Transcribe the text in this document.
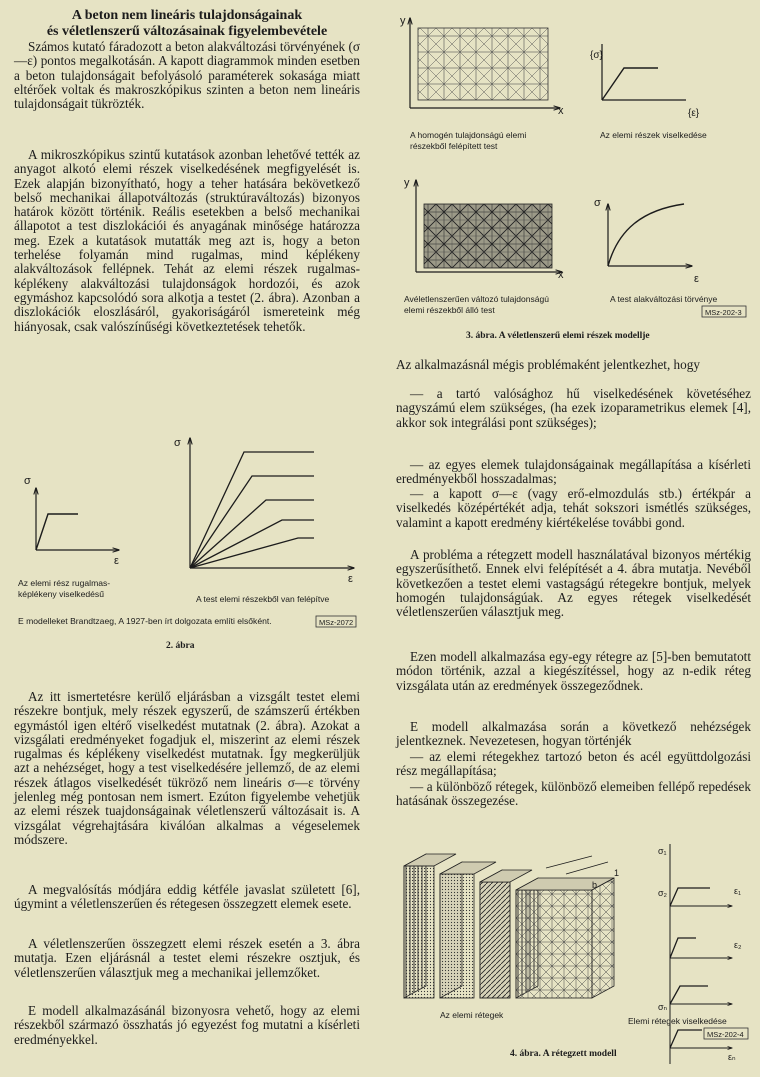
A beton nem lineáris tulajdonságainak
és véletlenszerű változásainak figyelembevétele

Számos kutató fáradozott a beton alakváltozási törvényének (σ—ε) pontos megalkotásán. A kapott diagrammok minden esetben a beton tulajdonságait befolyásoló paraméterek sokasága miatt eltérőek voltak és makroszkópikus szinten a beton nem lineáris tulajdonságait tükrözték.

A mikroszkópikus szintű kutatások azonban lehetővé tették az anyagot alkotó elemi részek viselkedésének megfigyelését is. Ezek alapján bizonyítható, hogy a teher hatására bekövetkező belső mechanikai állapotváltozás (struktúraváltozás) bizonyos határok között történik. Reális esetekben a belső mechanikai állapotot a test diszlokációi és anyagának minősége határozza meg. Ezek a kutatások mutatták meg azt is, hogy a beton terhelése folyamán mind rugalmas, mind képlékeny alakváltozások fellépnek. Tehát az elemi részek rugalmas-képlékeny alakváltozási tulajdonságok hordozói, és azok egymáshoz kapcsolódó sora alkotja a testet (2. ábra). Azonban a diszlokációk eloszlásáról, gyakoriságáról ismereteink még hiányosak, csak valószínűségi következtetések tehetők.

σ
ε
σ
ε
Az elemi rész rugalmas-
képlékeny viselkedésű	A test elemi részekből van felépítve
E modelleket Brandtzaeg, A 1927-ben írt dolgozata említi elsőként.	MSz-2072
2. ábra

Az itt ismertetésre kerülő eljárásban a vizsgált testet elemi részekre bontjuk, mely részek egyszerű, de számszerű értékben egymástól igen eltérő viselkedést mutatnak (2. ábra). Azokat a vizsgálati eredményeket fogadjuk el, miszerint az elemi részek rugalmas és képlékeny viselkedést mutatnak. Így megkerüljük azt a nehézséget, hogy a test viselkedésére jellemző, de az elemi részek átlagos viselkedését tükröző nem lineáris σ—ε törvény jelenleg még pontosan nem ismert. Ezúton figyelembe vehetjük az elemi részek tuajdonságainak véletlenszerű változásait is. A vizsgálat végrehajtására kiválóan alkalmas a végeselemek módszere.

A megvalósítás módjára eddig kétféle javaslat született [6], úgymint a véletlenszerűen és rétegesen összegzett elemek esete.

A véletlenszerűen összegzett elemi részek esetén a 3. ábra mutatja. Ezen eljárásnál a testet elemi részekre osztjuk, és véletlenszerűen választjuk meg a mechanikai jellemzőket.

E modell alkalmazásánál bizonyosra vehető, hogy az elemi részekből származó összhatás jó egyezést fog mutatni a kísérleti eredményekkel.

y
x
A homogén tulajdonságú elemi
részekből felépített test
{σ}
{ε}
Az elemi részek viselkedése
y
x
Avéletlenszerűen változó tulajdonságú
elemi részekből álló test
σ
ε
A test alakváltozási törvénye
MSz-202-3
3. ábra. A véletlenszerű elemi részek modellje

Az alkalmazásnál mégis problémaként jelentkezhet, hogy

— a tartó valósághoz hű viselkedésének követéséhez nagyszámú elem szükséges, (ha ezek izoparametrikus elemek [4], akkor sok integrálási pont szükséges);

— az egyes elemek tulajdonságainak megállapítása a kísérleti eredményekből hosszadalmas;

— a kapott σ—ε (vagy erő-elmozdulás stb.) értékpár a viselkedés középértékét adja, tehát sokszori ismétlés szükséges, valamint a kapott eredmény kiértékelése további gond.

A probléma a rétegzett modell használatával bizonyos mértékig egyszerűsíthető. Ennek elvi felépítését a 4. ábra mutatja. Nevéből következően a testet elemi vastagságú rétegekre bontjuk, melyek homogén tulajdonságúak. Az egyes rétegek viselkedését véletlenszerűen választjuk meg.

Ezen modell alkalmazása egy-egy rétegre az [5]-ben bemutatott módon történik, azzal a kiegészítéssel, hogy az n-edik réteg vizsgálata után az eredmények összegeződnek.

E modell alkalmazása során a következő nehézségek jelentkeznek. Nevezetesen, hogyan történjék

— az elemi rétegekhez tartozó beton és acél együttdolgozási rész megállapítása;

— a különböző rétegek, különböző elemeiben fellépő repedések hatásának összegezése.

b
1
σ₁
ε₁
σ₂
ε₂
σₙ
εₙ
Az elemi rétegek
Elemi rétegek viselkedése
MSz-202-4
4. ábra. A rétegzett modell
